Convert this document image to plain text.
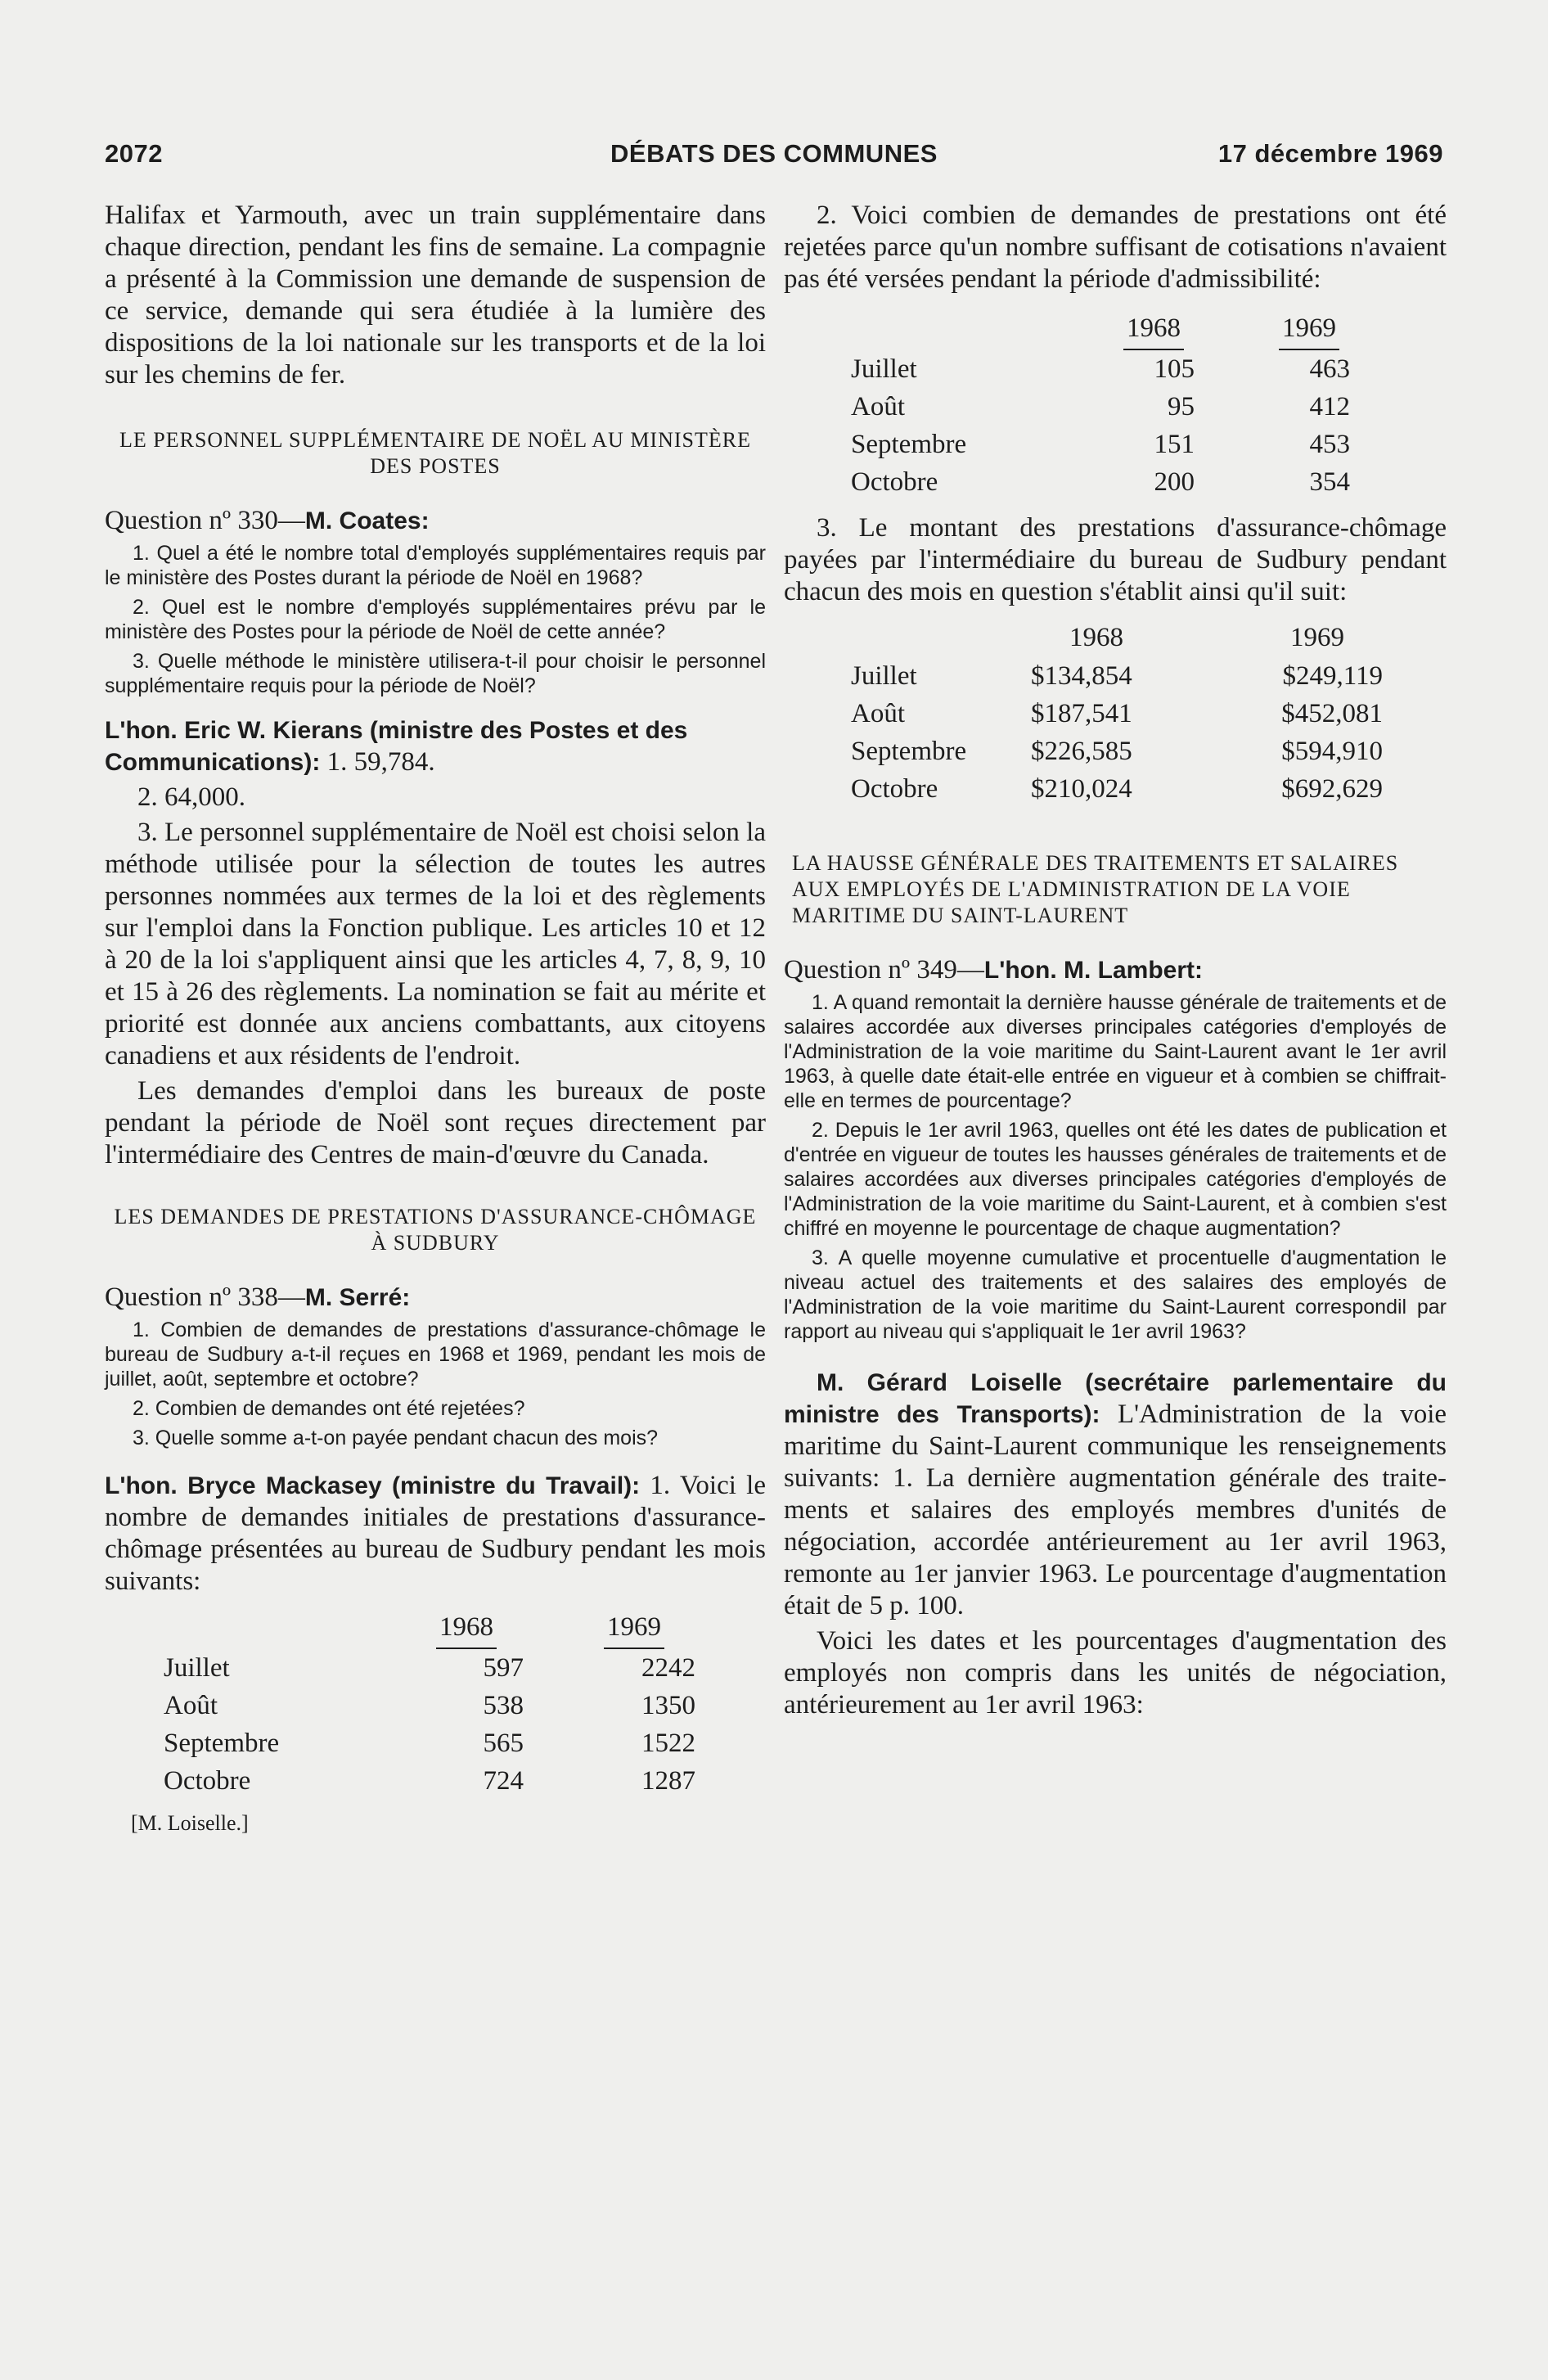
2072	DÉBATS DES COMMUNES	17 décembre 1969

Halifax et Yarmouth, avec un train supplémentaire dans chaque direction, pendant les fins de semaine. La compagnie a présenté à la Commission une demande de suspension de ce service, demande qui sera étudiée à la lumière des dispositions de la loi nationale sur les transports et de la loi sur les chemins de fer.

LE PERSONNEL SUPPLÉMENTAIRE DE NOËL AU MINISTÈRE DES POSTES

Question nº 330—M. Coates:

1. Quel a été le nombre total d'employés supplémentaires requis par le ministère des Postes durant la période de Noël en 1968?

2. Quel est le nombre d'employés supplémentaires prévu par le ministère des Postes pour la période de Noël de cette année?

3. Quelle méthode le ministère utilisera-t-il pour choisir le personnel supplémentaire requis pour la période de Noël?

L'hon. Eric W. Kierans (ministre des Postes et des Communications): 1. 59,784.

2. 64,000.

3. Le personnel supplémentaire de Noël est choisi selon la méthode utilisée pour la sélection de toutes les autres personnes nommées aux termes de la loi et des règlements sur l'emploi dans la Fonction publique. Les articles 10 et 12 à 20 de la loi s'appliquent ainsi que les articles 4, 7, 8, 9, 10 et 15 à 26 des règlements. La nomination se fait au mérite et priorité est donnée aux anciens combattants, aux citoyens canadiens et aux résidents de l'endroit.

Les demandes d'emploi dans les bureaux de poste pendant la période de Noël sont reçues directement par l'intermédiaire des Centres de main-d'œuvre du Canada.

LES DEMANDES DE PRESTATIONS D'ASSURANCE-CHÔMAGE À SUDBURY

Question nº 338—M. Serré:

1. Combien de demandes de prestations d'assurance-chômage le bureau de Sudbury a-t-il reçues en 1968 et 1969, pendant les mois de juillet, août, septembre et octobre?

2. Combien de demandes ont été rejetées?

3. Quelle somme a-t-on payée pendant chacun des mois?

L'hon. Bryce Mackasey (ministre du Travail): 1. Voici le nombre de demandes initiales de prestations d'assurance-chômage présentées au bureau de Sudbury pendant les mois suivants:

	1968	1969

Juillet	597	2242
Août	538	1350
Septembre	565	1522
Octobre	724	1287

[M. Loiselle.]

2. Voici combien de demandes de prestations ont été rejetées parce qu'un nombre suffisant de cotisations n'avaient pas été versées pendant la période d'admissibilité:

	1968	1969

Juillet	105	463
Août	95	412
Septembre	151	453
Octobre	200	354

3. Le montant des prestations d'assurance-chômage payées par l'intermédiaire du bureau de Sudbury pendant chacun des mois en question s'établit ainsi qu'il suit:

	1968	1969
Juillet	$134,854	$249,119
Août	$187,541	$452,081
Septembre	$226,585	$594,910
Octobre	$210,024	$692,629

LA HAUSSE GÉNÉRALE DES TRAITEMENTS ET SALAIRES AUX EMPLOYÉS DE L'ADMINISTRATION DE LA VOIE MARITIME DU SAINT-LAURENT

Question nº 349—L'hon. M. Lambert:

1. A quand remontait la dernière hausse générale de traitements et de salaires accordée aux diverses principales catégories d'employés de l'Administration de la voie maritime du Saint-Laurent avant le 1er avril 1963, à quelle date était-elle entrée en vigueur et à combien se chiffrait-elle en termes de pourcentage?

2. Depuis le 1er avril 1963, quelles ont été les dates de publication et d'entrée en vigueur de toutes les hausses générales de traitements et de salaires accordées aux diverses principales catégories d'employés de l'Administration de la voie maritime du Saint-Laurent, et à combien s'est chiffré en moyenne le pourcentage de chaque augmentation?

3. A quelle moyenne cumulative et procentuelle d'augmentation le niveau actuel des traitements et des salaires des employés de l'Administration de la voie maritime du Saint-Laurent correspondil par rapport au niveau qui s'appliquait le 1er avril 1963?

M. Gérard Loiselle (secrétaire parlementaire du ministre des Transports): L'Administration de la voie maritime du Saint-Laurent communique les renseignements suivants: 1. La dernière augmentation générale des traitements et salaires des employés membres d'unités de négociation, accordée antérieurement au 1er avril 1963, remonte au 1er janvier 1963. Le pourcentage d'augmentation était de 5 p. 100.

Voici les dates et les pourcentages d'augmentation des employés non compris dans les unités de négociation, antérieurement au 1er avril 1963:
